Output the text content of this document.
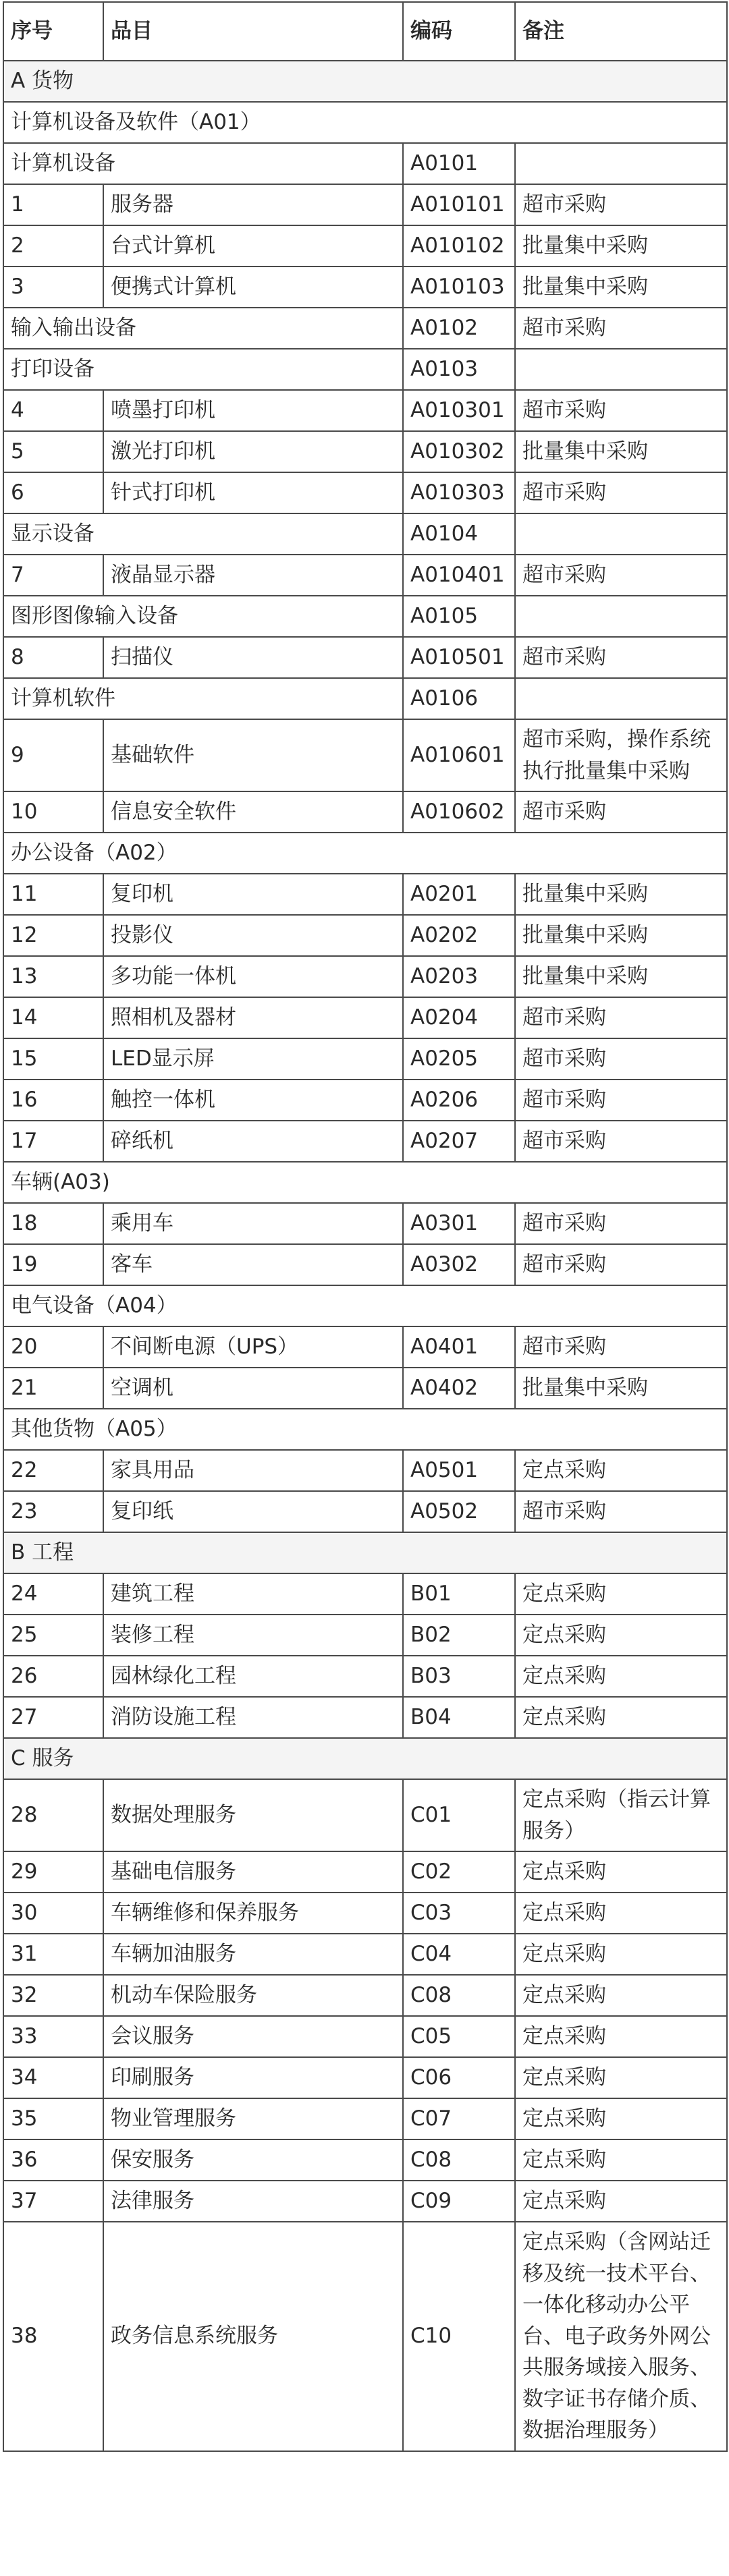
序号	品目	编码	备注
A 货物			
计算机设备及软件（A01）			
计算机设备		A0101	
1	服务器	A010101	超市采购
2	台式计算机	A010102	批量集中采购
3	便携式计算机	A010103	批量集中采购
输入输出设备		A0102	超市采购
打印设备		A0103	
4	喷墨打印机	A010301	超市采购
5	激光打印机	A010302	批量集中采购
6	针式打印机	A010303	超市采购
显示设备		A0104	
7	液晶显示器	A010401	超市采购
图形图像输入设备		A0105	
8	扫描仪	A010501	超市采购
计算机软件		A0106	
9	基础软件	A010601	超市采购，操作系统执行批量集中采购
10	信息安全软件	A010602	超市采购
办公设备（A02）			
11	复印机	A0201	批量集中采购
12	投影仪	A0202	批量集中采购
13	多功能一体机	A0203	批量集中采购
14	照相机及器材	A0204	超市采购
15	LED显示屏	A0205	超市采购
16	触控一体机	A0206	超市采购
17	碎纸机	A0207	超市采购
车辆(A03)			
18	乘用车	A0301	超市采购
19	客车	A0302	超市采购
电气设备（A04）			
20	不间断电源（UPS）	A0401	超市采购
21	空调机	A0402	批量集中采购
其他货物（A05）			
22	家具用品	A0501	定点采购
23	复印纸	A0502	超市采购
B 工程			
24	建筑工程	B01	定点采购
25	装修工程	B02	定点采购
26	园林绿化工程	B03	定点采购
27	消防设施工程	B04	定点采购
C 服务			
28	数据处理服务	C01	定点采购（指云计算服务）
29	基础电信服务	C02	定点采购
30	车辆维修和保养服务	C03	定点采购
31	车辆加油服务	C04	定点采购
32	机动车保险服务	C08	定点采购
33	会议服务	C05	定点采购
34	印刷服务	C06	定点采购
35	物业管理服务	C07	定点采购
36	保安服务	C08	定点采购
37	法律服务	C09	定点采购
38	政务信息系统服务	C10	定点采购（含网站迁移及统一技术平台、一体化移动办公平台、电子政务外网公共服务域接入服务、数字证书存储介质、数据治理服务）
